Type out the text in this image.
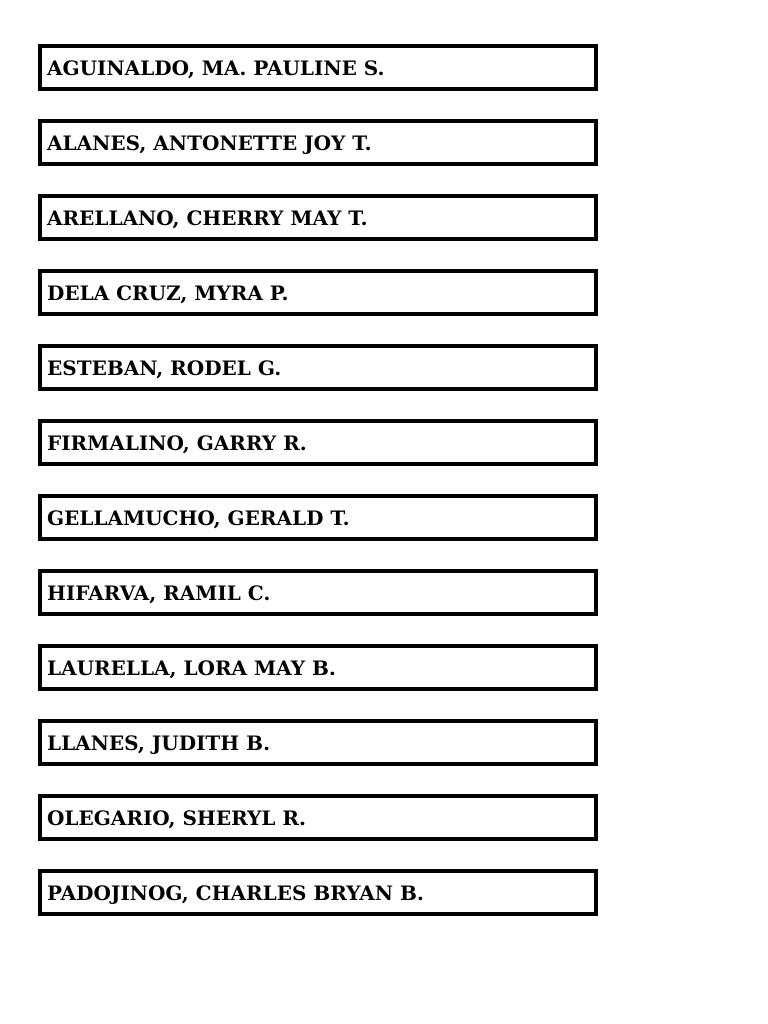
AGUINALDO, MA. PAULINE S.
ALANES, ANTONETTE JOY T.
ARELLANO, CHERRY MAY T.
DELA CRUZ, MYRA P.
ESTEBAN, RODEL G.
FIRMALINO, GARRY R.
GELLAMUCHO, GERALD T.
HIFARVA, RAMIL C.
LAURELLA, LORA MAY B.
LLANES, JUDITH B.
OLEGARIO, SHERYL R.
PADOJINOG, CHARLES BRYAN B.
